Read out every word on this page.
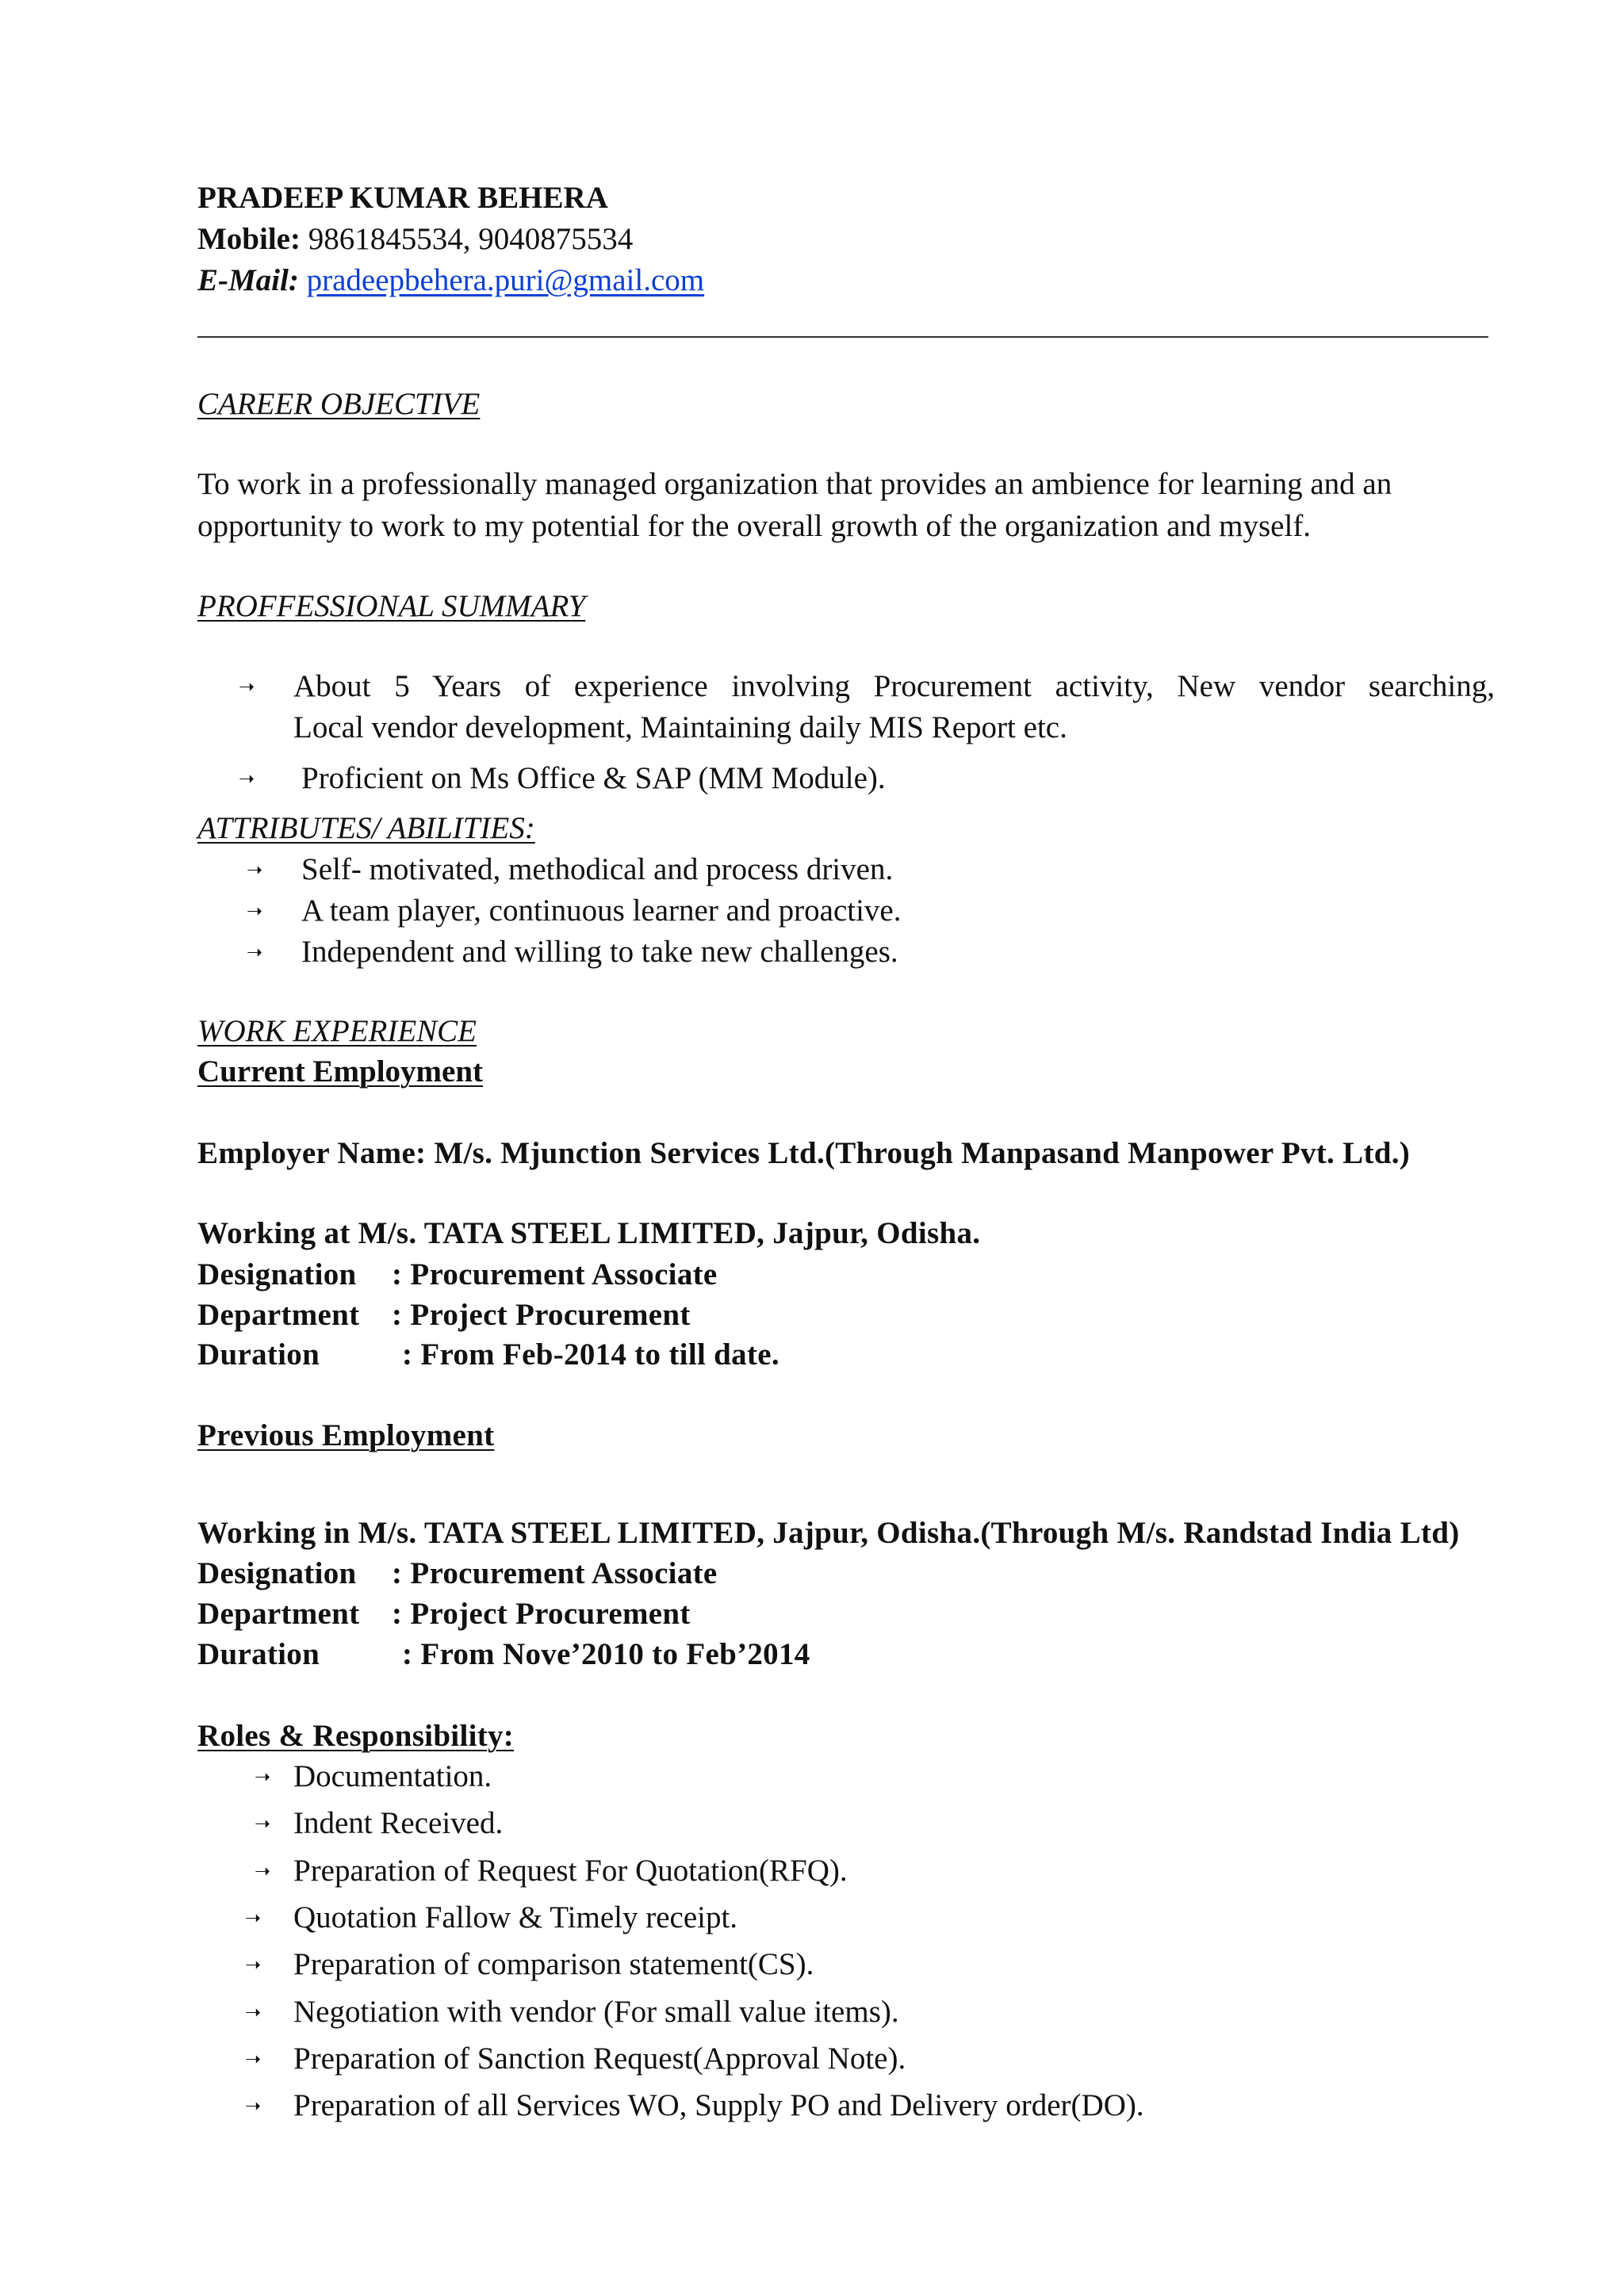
PRADEEP KUMAR BEHERA
Mobile: 9861845534, 9040875534
E-Mail: pradeepbehera.puri@gmail.com
CAREER OBJECTIVE
To work in a professionally managed organization that provides an ambience for learning and an
opportunity to work to my potential for the overall growth of the organization and myself.
PROFFESSIONAL SUMMARY
➝ About 5 Years of experience involving Procurement activity, New vendor searching,
Local vendor development, Maintaining daily MIS Report etc.
➝ Proficient on Ms Office & SAP (MM Module).
ATTRIBUTES/ ABILITIES:
➝ Self- motivated, methodical and process driven.
➝ A team player, continuous learner and proactive.
➝ Independent and willing to take new challenges.
WORK EXPERIENCE
Current Employment
Employer Name: M/s. Mjunction Services Ltd.(Through Manpasand Manpower Pvt. Ltd.)
Working at M/s. TATA STEEL LIMITED, Jajpur, Odisha.
Designation	: Procurement Associate
Department	: Project Procurement
Duration	: From Feb-2014 to till date.
Previous Employment
Working in M/s. TATA STEEL LIMITED, Jajpur, Odisha.(Through M/s. Randstad India Ltd)
Designation	: Procurement Associate
Department	: Project Procurement
Duration	: From Nove’2010 to Feb’2014
Roles & Responsibility:
➝ Documentation.
➝ Indent Received.
➝ Preparation of Request For Quotation(RFQ).
➝ Quotation Fallow & Timely receipt.
➝ Preparation of comparison statement(CS).
➝ Negotiation with vendor (For small value items).
➝ Preparation of Sanction Request(Approval Note).
➝ Preparation of all Services WO, Supply PO and Delivery order(DO).
